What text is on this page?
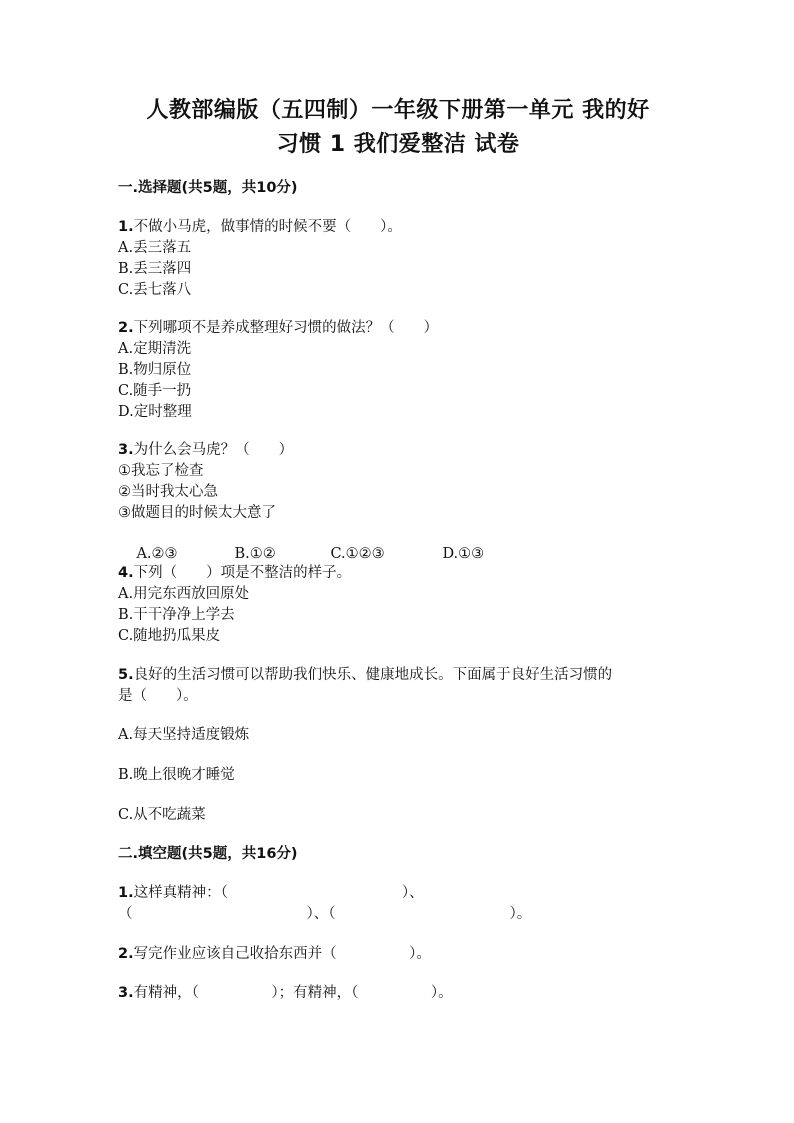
人教部编版（五四制）一年级下册第一单元 我的好
习惯 1 我们爱整洁 试卷
一.选择题(共5题，共10分)
1.不做小马虎，做事情的时候不要（　　）。
A.丢三落五
B.丢三落四
C.丢七落八
2.下列哪项不是养成整理好习惯的做法？（　　）
A.定期清洗
B.物归原位
C.随手一扔
D.定时整理
3.为什么会马虎？（　　）
①我忘了检查
②当时我太心急
③做题目的时候太大意了

A.②③	B.①②	C.①②③	D.①③

4.下列（　　）项是不整洁的样子。
A.用完东西放回原处
B.干干净净上学去
C.随地扔瓜果皮
5.良好的生活习惯可以帮助我们快乐、健康地成长。下面属于良好生活习惯的
是（　　）。
A.每天坚持适度锻炼
B.晚上很晚才睡觉
C.从不吃蔬菜
二.填空题(共5题，共16分)
1.这样真精神：（　　　　　　　　　　　　）、
（　　　　　　　　　　　　）、（　　　　　　　　　　　　）。
2.写完作业应该自己收拾东西并（　　　　　）。
3.有精神，（　　　　　）；有精神，（　　　　　）。
